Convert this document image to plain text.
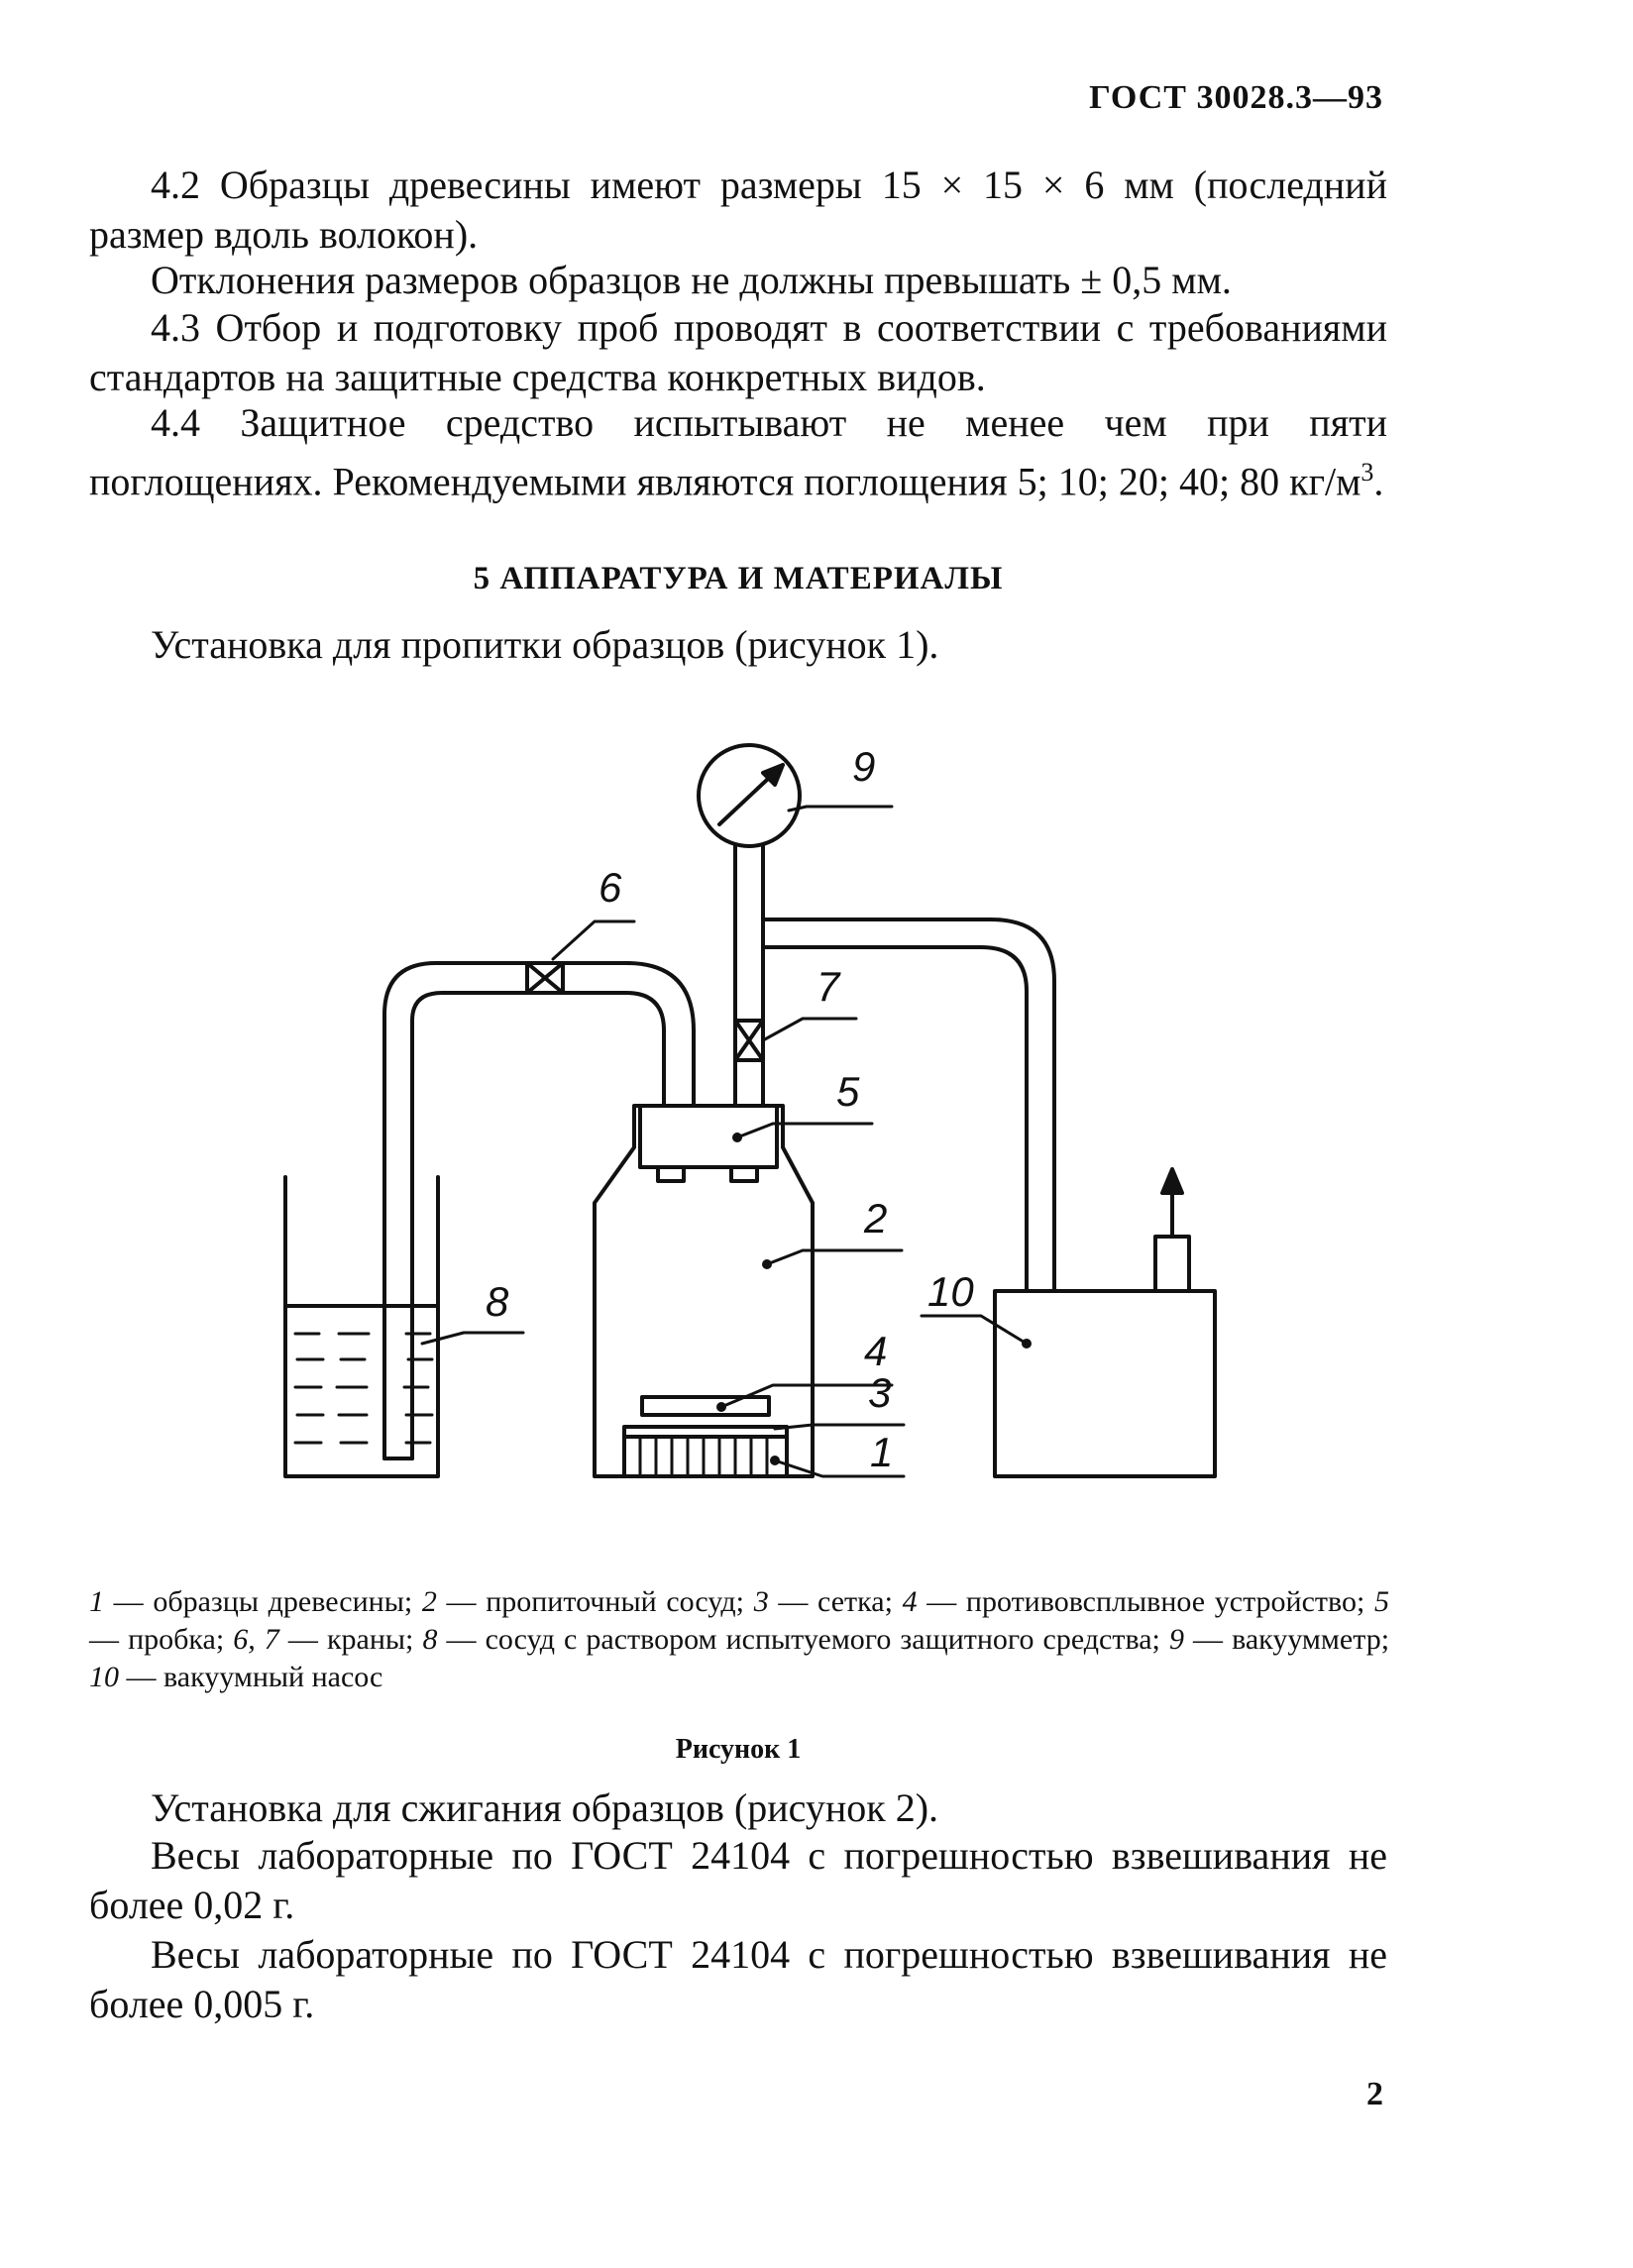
ГОСТ 30028.3—93
4.2 Образцы древесины имеют размеры 15 × 15 × 6 мм (последний размер вдоль волокон).
Отклонения размеров образцов не должны превышать ± 0,5 мм.
4.3 Отбор и подготовку проб проводят в соответствии с требованиями стандартов на защитные средства конкретных видов.
4.4 Защитное средство испытывают не менее чем при пяти поглощениях. Рекомендуемыми являются поглощения 5; 10; 20; 40; 80 $кг/м^3$.
5 АППАРАТУРА И МАТЕРИАЛЫ
Установка для пропитки образцов (рисунок 1).
9
6
7
5
2
8
4
3
1
10
1 — образцы древесины; 2 — пропиточный сосуд; 3 — сетка; 4 — противовсплывное устройство; 5 — пробка; 6, 7 — краны; 8 — сосуд с раствором испытуемого защитного средства; 9 — вакуумметр; 10 — вакуумный насос
Рисунок 1
Установка для сжигания образцов (рисунок 2).
Весы лабораторные по ГОСТ 24104 с погрешностью взвешивания не более 0,02 г.
Весы лабораторные по ГОСТ 24104 с погрешностью взвешивания не более 0,005 г.
2
